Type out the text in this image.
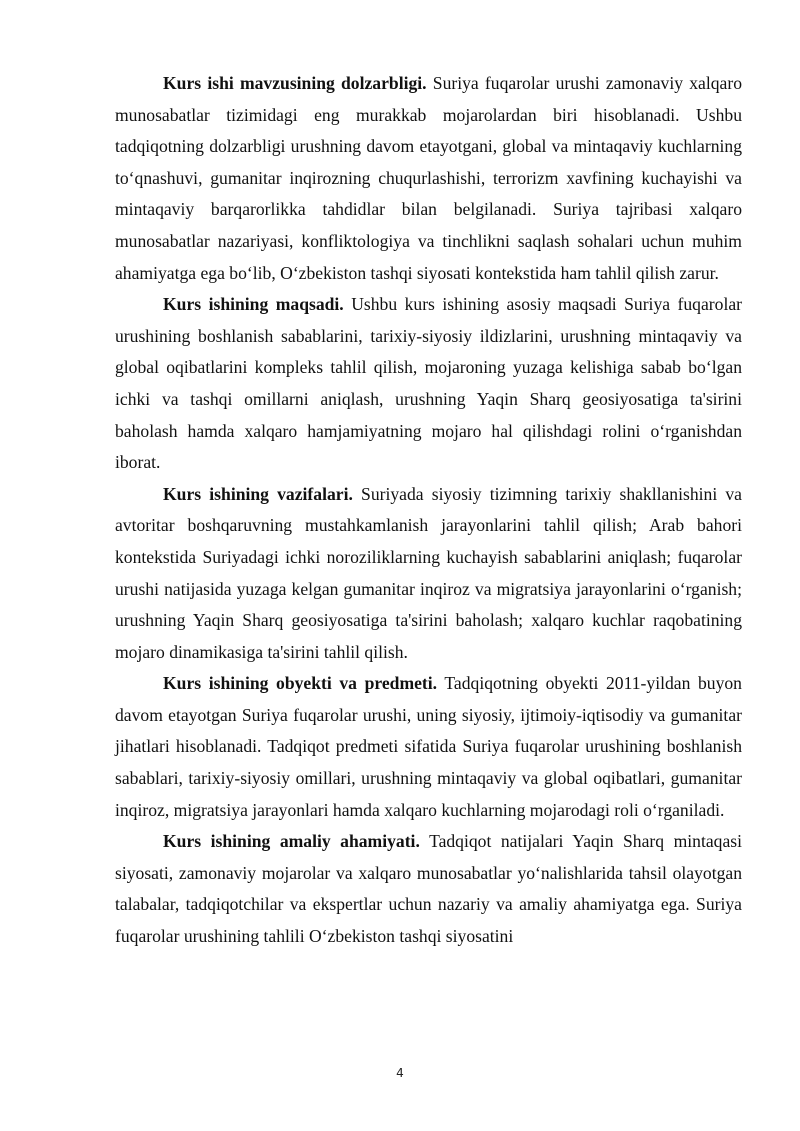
Kurs ishi mavzusining dolzarbligi. Suriya fuqarolar urushi zamonaviy xalqaro munosabatlar tizimidagi eng murakkab mojarolardan biri hisoblanadi. Ushbu tadqiqotning dolzarbligi urushning davom etayotgani, global va mintaqaviy kuchlarning to‘qnashuvi, gumanitar inqirozning chuqurlashishi, terrorizm xavfining kuchayishi va mintaqaviy barqarorlikka tahdidlar bilan belgilanadi. Suriya tajribasi xalqaro munosabatlar nazariyasi, konfliktologiya va tinchlikni saqlash sohalari uchun muhim ahamiyatga ega bo‘lib, O‘zbekiston tashqi siyosati kontekstida ham tahlil qilish zarur.

Kurs ishining maqsadi. Ushbu kurs ishining asosiy maqsadi Suriya fuqarolar urushining boshlanish sabablarini, tarixiy-siyosiy ildizlarini, urushning mintaqaviy va global oqibatlarini kompleks tahlil qilish, mojaroning yuzaga kelishiga sabab bo‘lgan ichki va tashqi omillarni aniqlash, urushning Yaqin Sharq geosiyosatiga ta'sirini baholash hamda xalqaro hamjamiyatning mojaro hal qilishdagi rolini o‘rganishdan iborat.

Kurs ishining vazifalari. Suriyada siyosiy tizimning tarixiy shakllanishini va avtoritar boshqaruvning mustahkamlanish jarayonlarini tahlil qilish; Arab bahori kontekstida Suriyadagi ichki noroziliklarning kuchayish sabablarini aniqlash; fuqarolar urushi natijasida yuzaga kelgan gumanitar inqiroz va migratsiya jarayonlarini o‘rganish; urushning Yaqin Sharq geosiyosatiga ta'sirini baholash; xalqaro kuchlar raqobatining mojaro dinamikasiga ta'sirini tahlil qilish.

Kurs ishining obyekti va predmeti. Tadqiqotning obyekti 2011-yildan buyon davom etayotgan Suriya fuqarolar urushi, uning siyosiy, ijtimoiy-iqtisodiy va gumanitar jihatlari hisoblanadi. Tadqiqot predmeti sifatida Suriya fuqarolar urushining boshlanish sabablari, tarixiy-siyosiy omillari, urushning mintaqaviy va global oqibatlari, gumanitar inqiroz, migratsiya jarayonlari hamda xalqaro kuchlarning mojarodagi roli o‘rganiladi.

Kurs ishining amaliy ahamiyati. Tadqiqot natijalari Yaqin Sharq mintaqasi siyosati, zamonaviy mojarolar va xalqaro munosabatlar yo‘nalishlarida tahsil olayotgan talabalar, tadqiqotchilar va ekspertlar uchun nazariy va amaliy ahamiyatga ega. Suriya fuqarolar urushining tahlili O‘zbekiston tashqi siyosatini

4
